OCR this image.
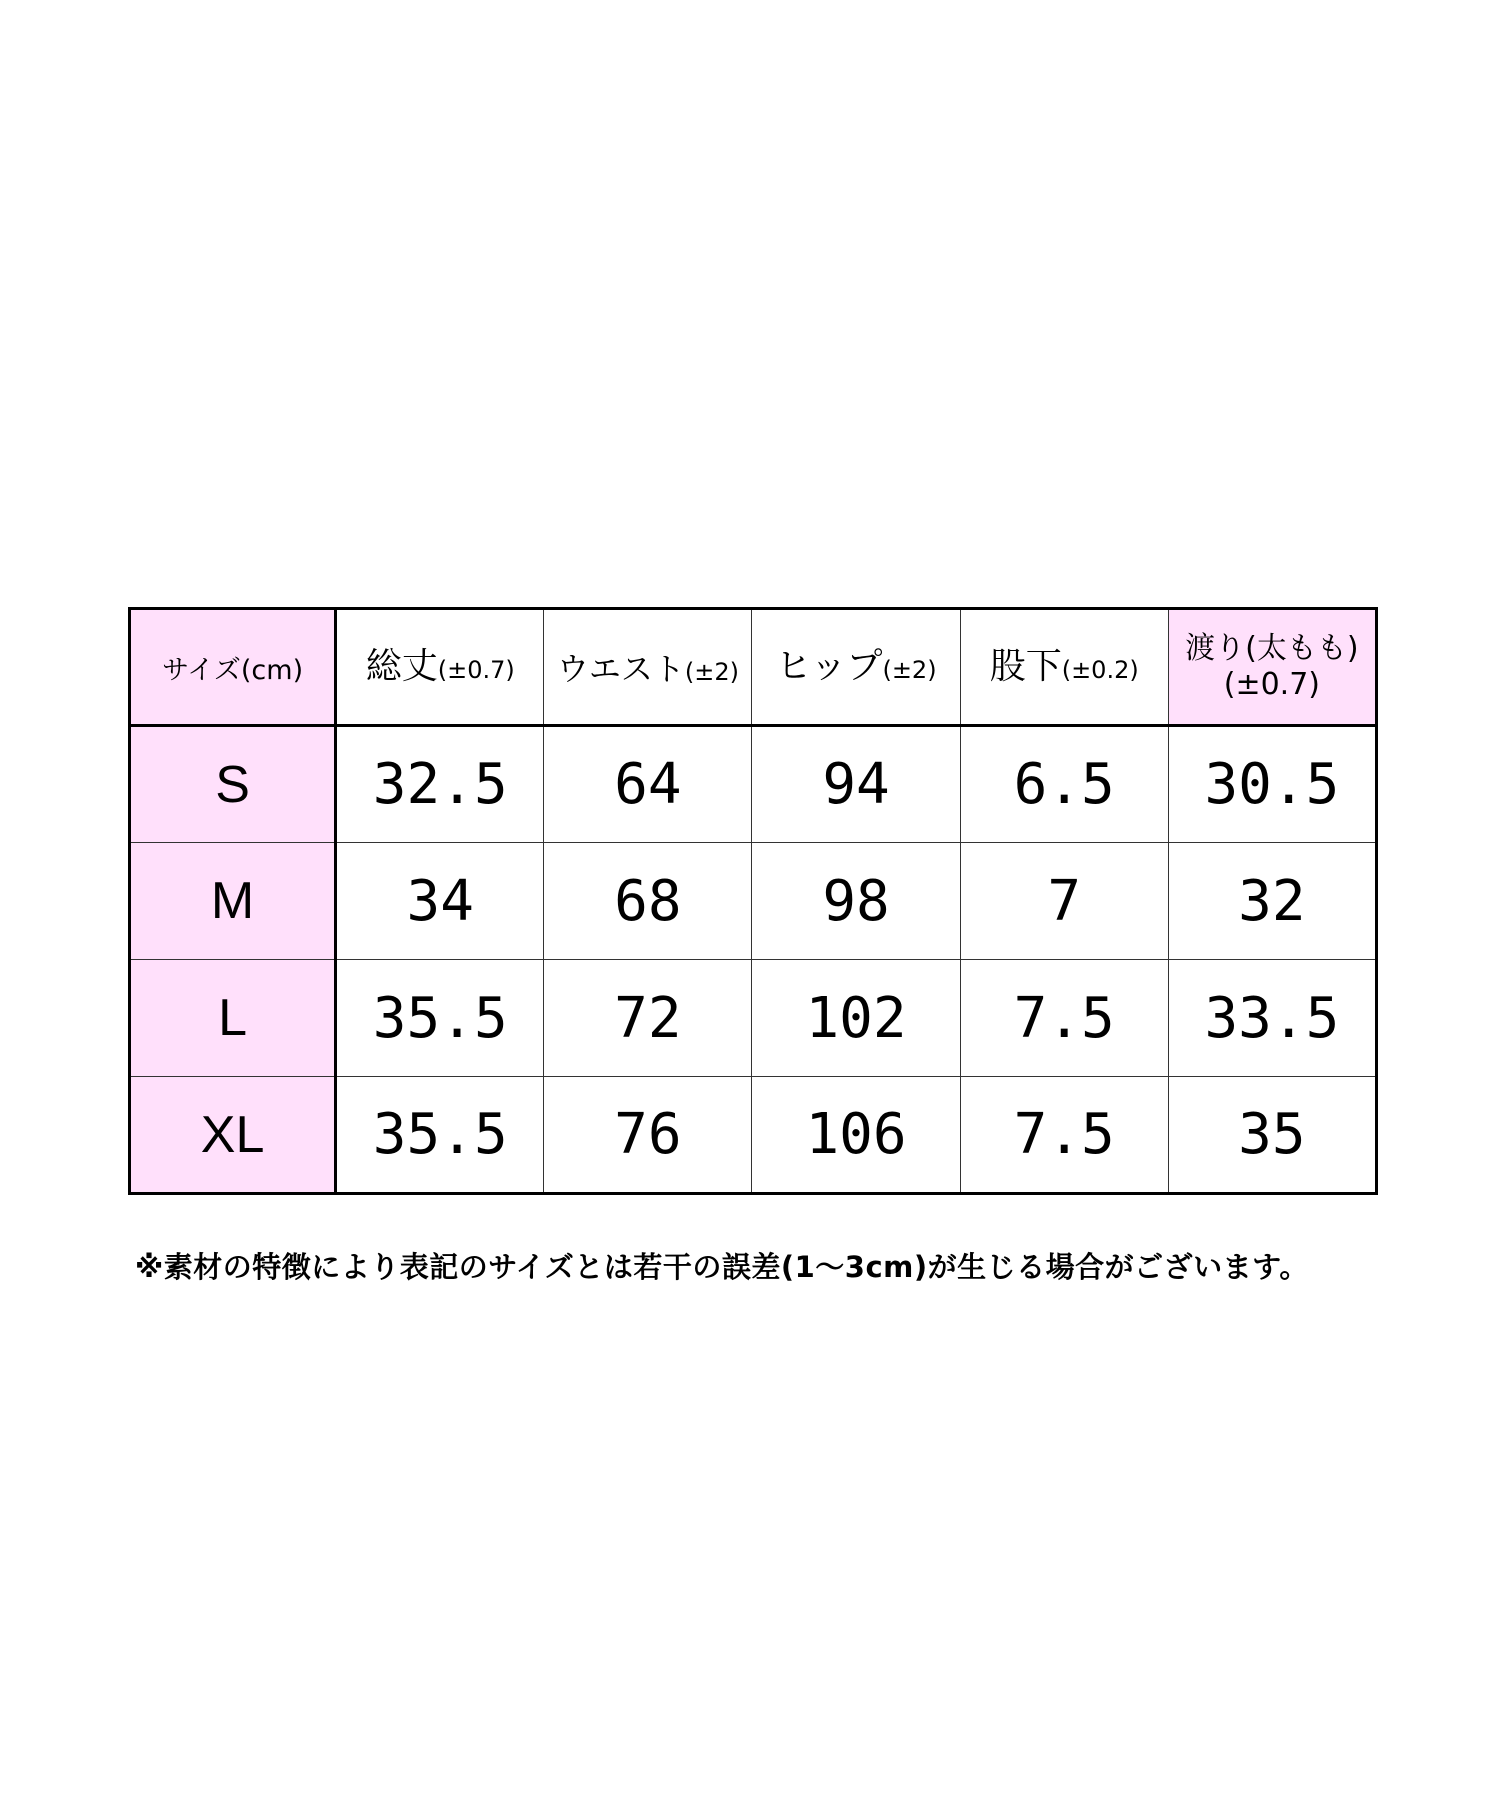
サイズ(cm)	総丈(±0.7)	ウエスト(±2)	ヒップ(±2)	股下(±0.2)	渡り(太もも)
(±0.7)

S	32.5	64	94	6.5	30.5
M	34	68	98	7	32
L	35.5	72	102	7.5	33.5
XL	35.5	76	106	7.5	35
※素材の特徴により表記のサイズとは若干の誤差(1～3cm)が生じる場合がございます。
